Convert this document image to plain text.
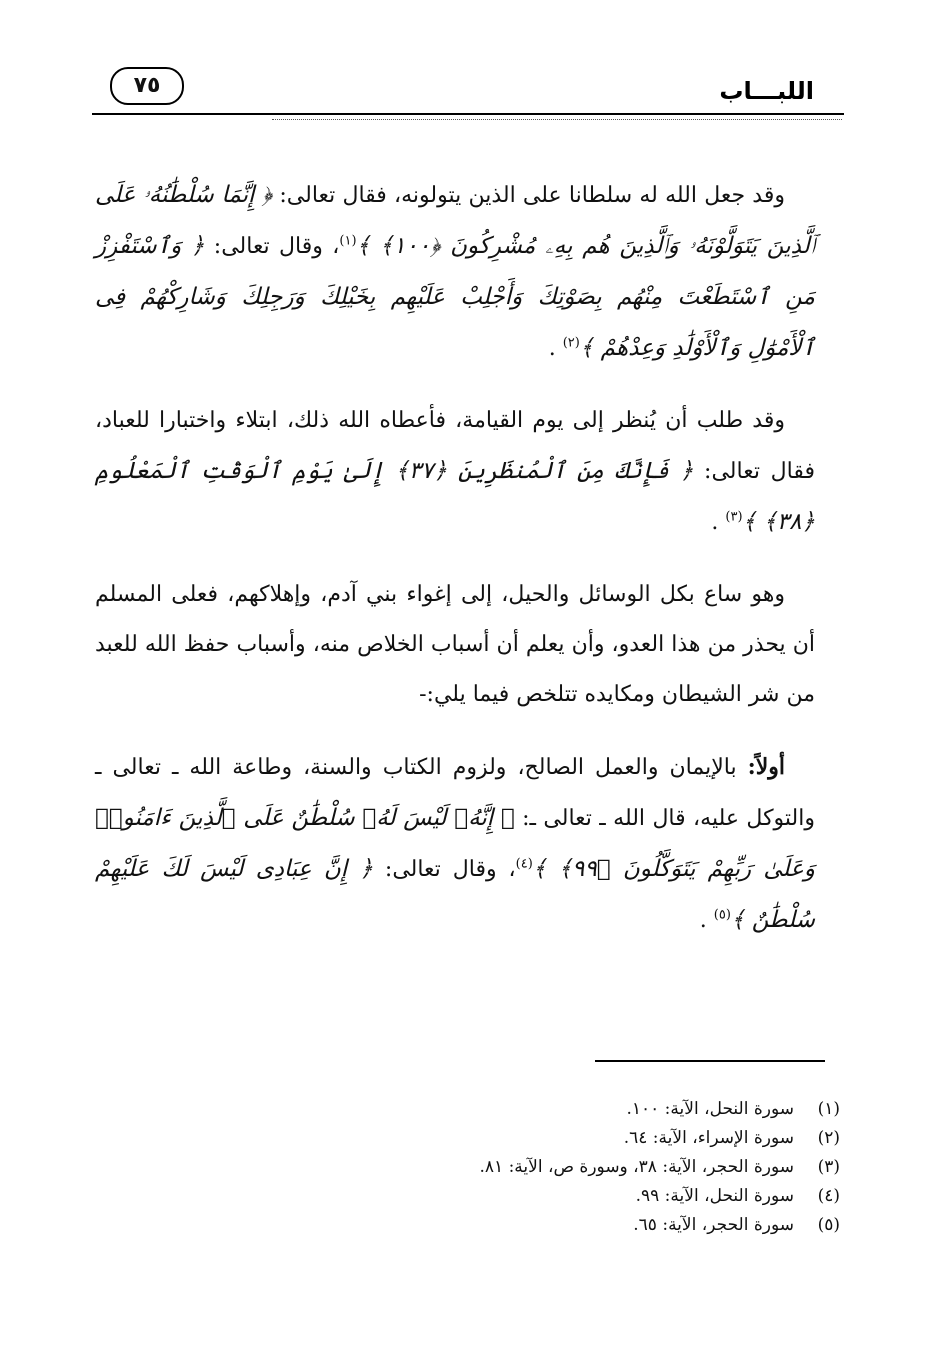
اللبـــاب
٧٥

وقد جعل الله له سلطانا على الذين يتولونه، فقال تعالى: ﴿ إِنَّمَا سُلْطَٰنُهُۥ عَلَى ٱلَّذِينَ يَتَوَلَّوْنَهُۥ وَٱلَّذِينَ هُم بِهِۦ مُشْرِكُونَ ﴿١٠٠﴾ ﴾$^{(١)}$، وقال تعالى: ﴿ وَٱسْتَفْزِزْ مَنِ ٱسْتَطَعْتَ مِنْهُم بِصَوْتِكَ وَأَجْلِبْ عَلَيْهِم بِخَيْلِكَ وَرَجِلِكَ وَشَارِكْهُمْ فِى ٱلْأَمْوَٰلِ وَٱلْأَوْلَٰدِ وَعِدْهُمْ ﴾$^{(٢)}$ .

وقد طلب أن يُنظر إلى يوم القيامة، فأعطاه الله ذلك، ابتلاء واختبارا للعباد، فقال تعالى: ﴿ فَإِنَّكَ مِنَ ٱلْمُنظَرِينَ ﴿٣٧﴾ إِلَىٰ يَوْمِ ٱلْوَقْتِ ٱلْمَعْلُومِ ﴿٣٨﴾ ﴾$^{(٣)}$ .

وهو ساع بكل الوسائل والحيل، إلى إغواء بني آدم، وإهلاكهم، فعلى المسلم أن يحذر من هذا العدو، وأن يعلم أن أسباب الخلاص منه، وأسباب حفظ الله للعبد من شر الشيطان ومكايده تتلخص فيما يلي:-

أولاً: بالإيمان والعمل الصالح، ولزوم الكتاب والسنة، وطاعة الله ـ تعالى ـ والتوكل عليه، قال الله ـ تعالى ـ: ﴿ إِنَّهُۥ لَيْسَ لَهُۥ سُلْطَٰنٌ عَلَى ٱلَّذِينَ ءَامَنُوا۟ وَعَلَىٰ رَبِّهِمْ يَتَوَكَّلُونَ ﴿٩٩﴾ ﴾$^{(٤)}$، وقال تعالى: ﴿ إِنَّ عِبَادِى لَيْسَ لَكَ عَلَيْهِمْ سُلْطَٰنٌ ﴾$^{(٥)}$ .

(١)سورة النحل، الآية: ١٠٠.
(٢)سورة الإسراء، الآية: ٦٤.
(٣)سورة الحجر، الآية: ٣٨، وسورة ص، الآية: ٨١.
(٤)سورة النحل، الآية: ٩٩.
(٥)سورة الحجر، الآية: ٦٥.
